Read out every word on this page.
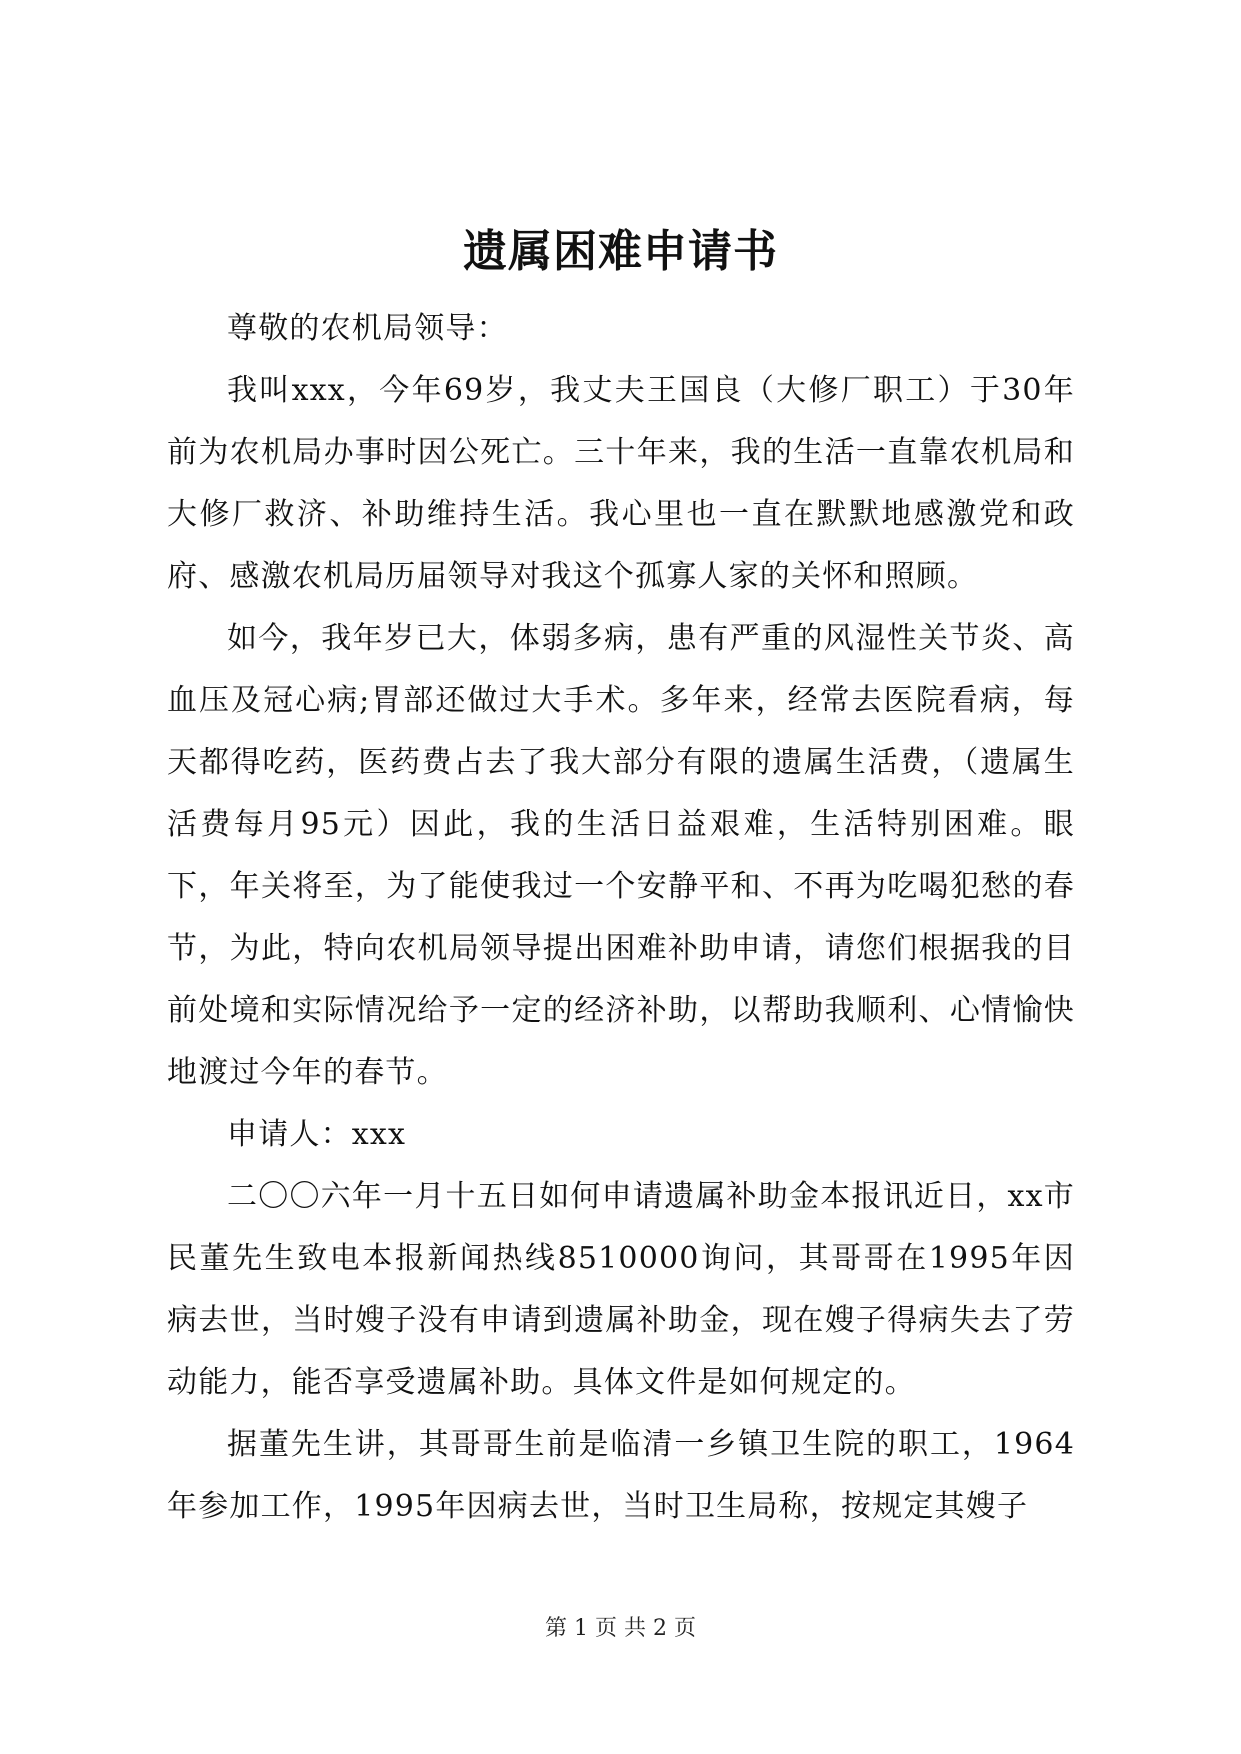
遗属困难申请书

尊敬的农机局领导：

我叫xxx，今年69岁，我丈夫王国良（大修厂职工）于30年前为农机局办事时因公死亡。三十年来，我的生活一直靠农机局和大修厂救济、补助维持生活。我心里也一直在默默地感激党和政府、感激农机局历届领导对我这个孤寡人家的关怀和照顾。

如今，我年岁已大，体弱多病，患有严重的风湿性关节炎、高血压及冠心病;胃部还做过大手术。多年来，经常去医院看病，每天都得吃药，医药费占去了我大部分有限的遗属生活费，（遗属生活费每月95元）因此，我的生活日益艰难，生活特别困难。眼下，年关将至，为了能使我过一个安静平和、不再为吃喝犯愁的春节，为此，特向农机局领导提出困难补助申请，请您们根据我的目前处境和实际情况给予一定的经济补助，以帮助我顺利、心情愉快地渡过今年的春节。

申请人：xxx

二〇〇六年一月十五日如何申请遗属补助金本报讯近日，xx市民董先生致电本报新闻热线8510000询问，其哥哥在1995年因病去世，当时嫂子没有申请到遗属补助金，现在嫂子得病失去了劳动能力，能否享受遗属补助。具体文件是如何规定的。

据董先生讲，其哥哥生前是临清一乡镇卫生院的职工，1964年参加工作，1995年因病去世，当时卫生局称，按规定其嫂子

第 1 页 共 2 页
